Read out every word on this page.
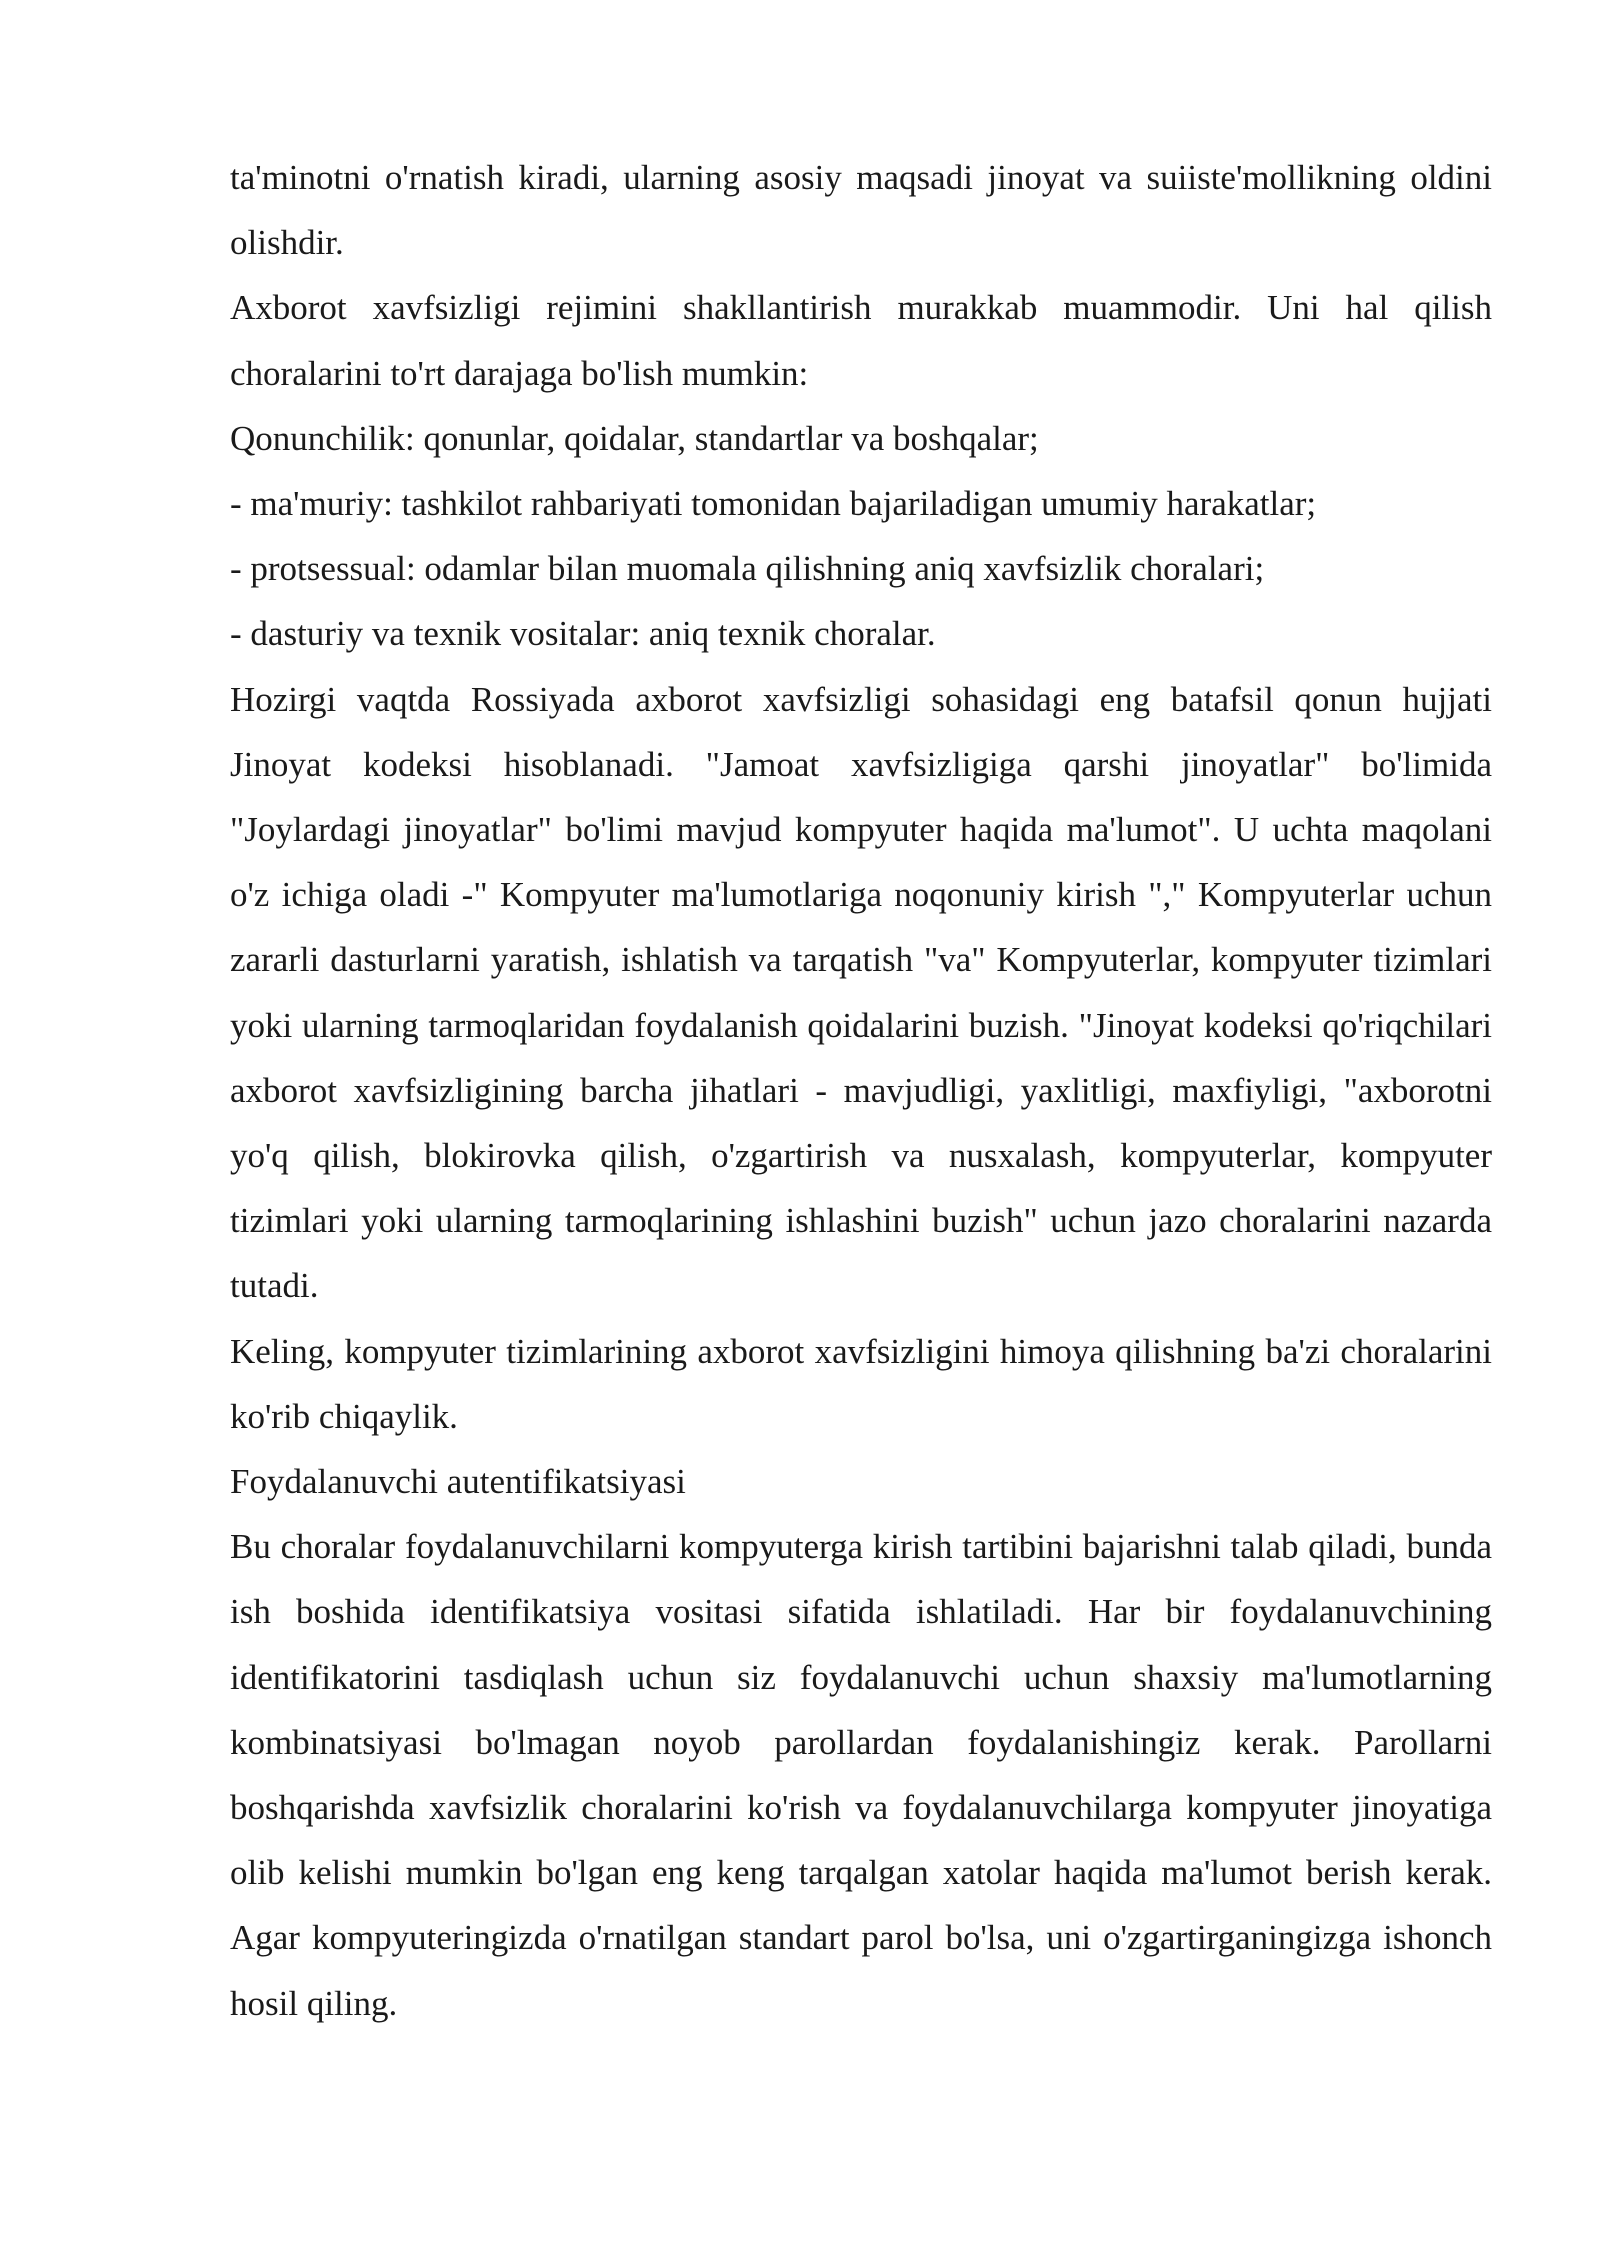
ta'minotni o'rnatish kiradi, ularning asosiy maqsadi jinoyat va suiiste'mollikning oldini olishdir.

Axborot xavfsizligi rejimini shakllantirish murakkab muammodir. Uni hal qilish choralarini to'rt darajaga bo'lish mumkin:

Qonunchilik: qonunlar, qoidalar, standartlar va boshqalar;

- ma'muriy: tashkilot rahbariyati tomonidan bajariladigan umumiy harakatlar;

- protsessual: odamlar bilan muomala qilishning aniq xavfsizlik choralari;

- dasturiy va texnik vositalar: aniq texnik choralar.

Hozirgi vaqtda Rossiyada axborot xavfsizligi sohasidagi eng batafsil qonun hujjati Jinoyat kodeksi hisoblanadi. "Jamoat xavfsizligiga qarshi jinoyatlar" bo'limida "Joylardagi jinoyatlar" bo'limi mavjud kompyuter haqida ma'lumot". U uchta maqolani o'z ichiga oladi -" Kompyuter ma'lumotlariga noqonuniy kirish "," Kompyuterlar uchun zararli dasturlarni yaratish, ishlatish va tarqatish "va" Kompyuterlar, kompyuter tizimlari yoki ularning tarmoqlaridan foydalanish qoidalarini buzish. "Jinoyat kodeksi qo'riqchilari axborot xavfsizligining barcha jihatlari - mavjudligi, yaxlitligi, maxfiyligi, "axborotni yo'q qilish, blokirovka qilish, o'zgartirish va nusxalash, kompyuterlar, kompyuter tizimlari yoki ularning tarmoqlarining ishlashini buzish" uchun jazo choralarini nazarda tutadi.

Keling, kompyuter tizimlarining axborot xavfsizligini himoya qilishning ba'zi choralarini ko'rib chiqaylik.

Foydalanuvchi autentifikatsiyasi

Bu choralar foydalanuvchilarni kompyuterga kirish tartibini bajarishni talab qiladi, bunda ish boshida identifikatsiya vositasi sifatida ishlatiladi. Har bir foydalanuvchining identifikatorini tasdiqlash uchun siz foydalanuvchi uchun shaxsiy ma'lumotlarning kombinatsiyasi bo'lmagan noyob parollardan foydalanishingiz kerak. Parollarni boshqarishda xavfsizlik choralarini ko'rish va foydalanuvchilarga kompyuter jinoyatiga olib kelishi mumkin bo'lgan eng keng tarqalgan xatolar haqida ma'lumot berish kerak. Agar kompyuteringizda o'rnatilgan standart parol bo'lsa, uni o'zgartirganingizga ishonch hosil qiling.
